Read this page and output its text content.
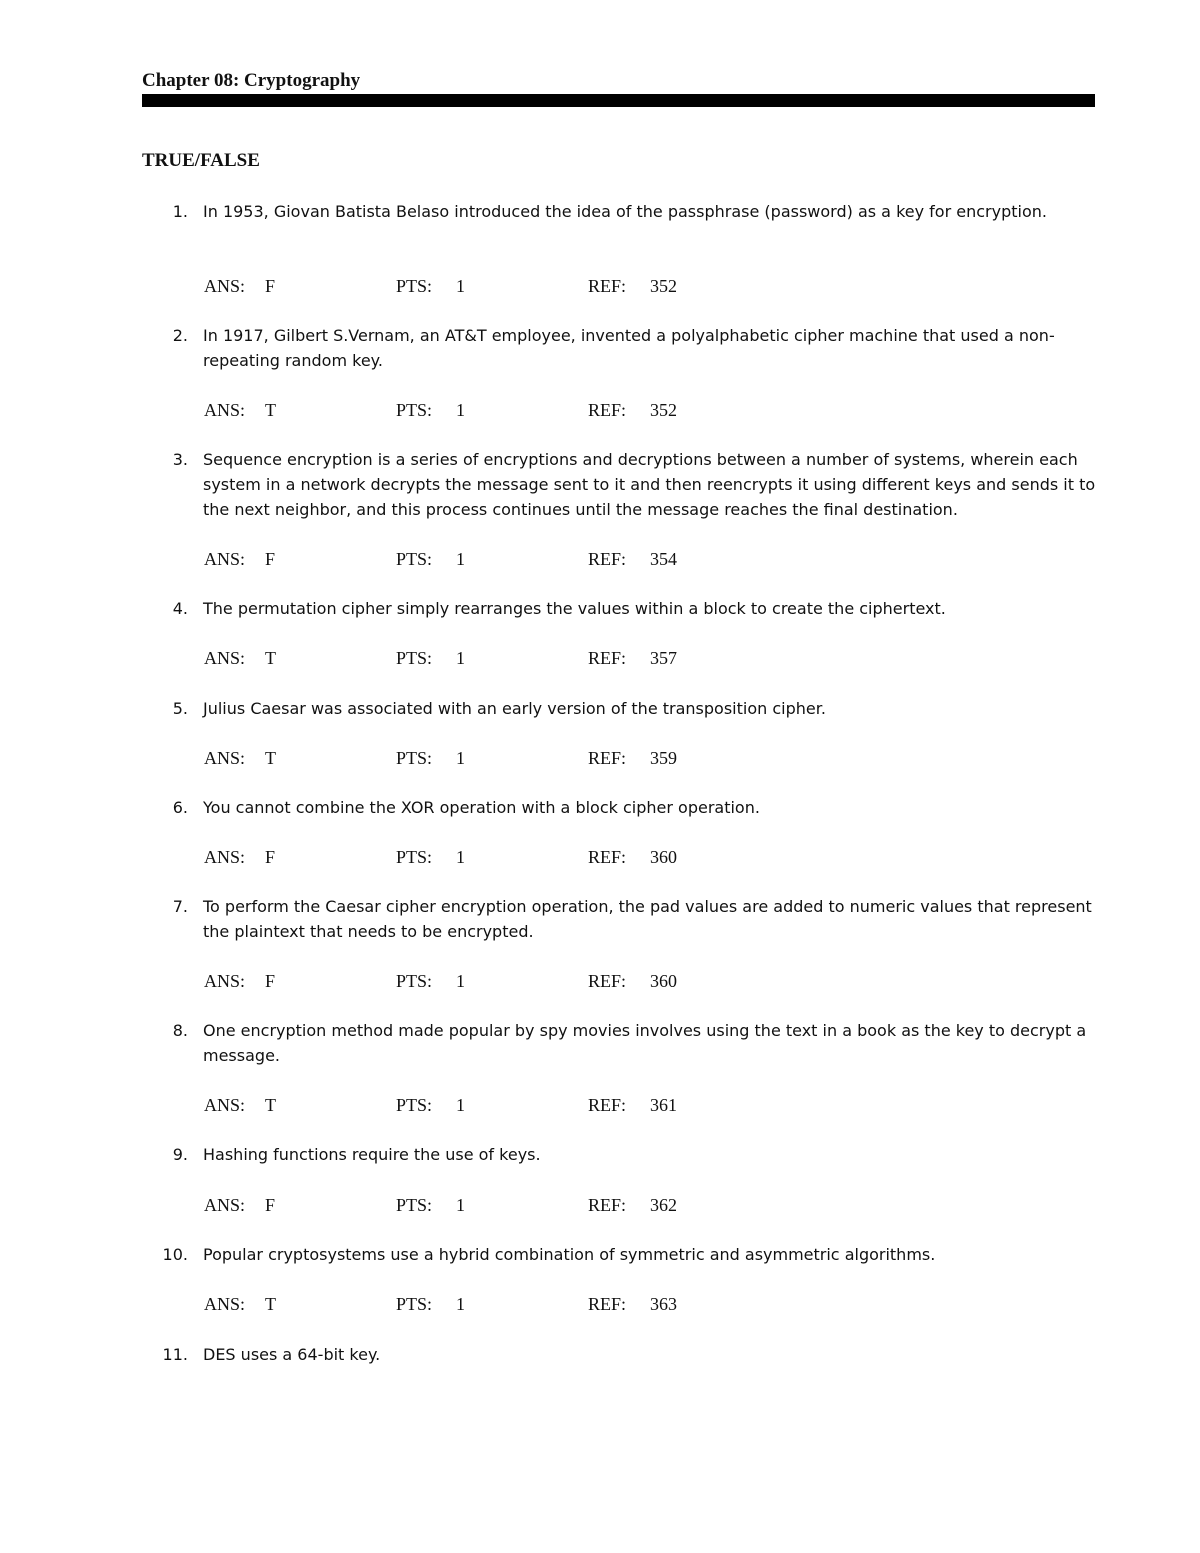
Chapter 08: Cryptography
TRUE/FALSE
1. In 1953, Giovan Batista Belaso introduced the idea of the passphrase (password) as a key for encryption.
ANS: F	PTS: 1	REF: 352
2. In 1917, Gilbert S.Vernam, an AT&T employee, invented a polyalphabetic cipher machine that used a non-repeating random key.
ANS: T	PTS: 1	REF: 352
3. Sequence encryption is a series of encryptions and decryptions between a number of systems, wherein each system in a network decrypts the message sent to it and then reencrypts it using different keys and sends it to the next neighbor, and this process continues until the message reaches the final destination.
ANS: F	PTS: 1	REF: 354
4. The permutation cipher simply rearranges the values within a block to create the ciphertext.
ANS: T	PTS: 1	REF: 357
5. Julius Caesar was associated with an early version of the transposition cipher.
ANS: T	PTS: 1	REF: 359
6. You cannot combine the XOR operation with a block cipher operation.
ANS: F	PTS: 1	REF: 360
7. To perform the Caesar cipher encryption operation, the pad values are added to numeric values that represent the plaintext that needs to be encrypted.
ANS: F	PTS: 1	REF: 360
8. One encryption method made popular by spy movies involves using the text in a book as the key to decrypt a message.
ANS: T	PTS: 1	REF: 361
9. Hashing functions require the use of keys.
ANS: F	PTS: 1	REF: 362
10. Popular cryptosystems use a hybrid combination of symmetric and asymmetric algorithms.
ANS: T	PTS: 1	REF: 363
11. DES uses a 64-bit key.
